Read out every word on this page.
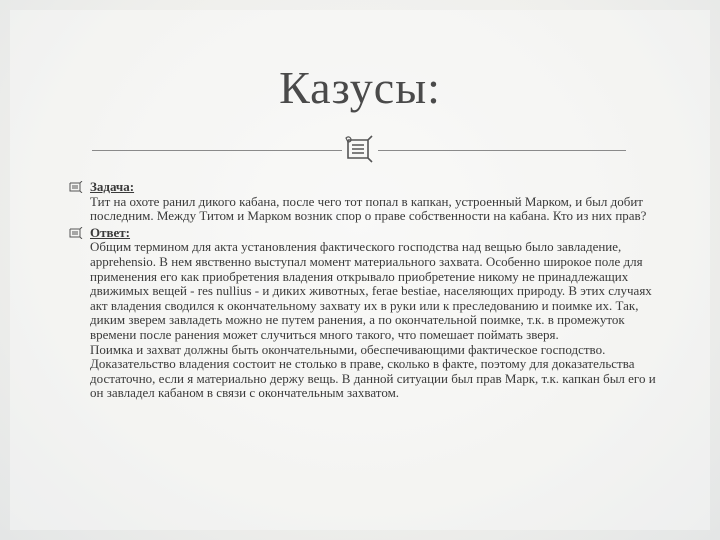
Казусы:
Задача:

Тит на охоте ранил дикого кабана, после чего тот попал в капкан, устроенный Марком, и был добит последним. Между Титом и Марком возник спор о праве собственности на кабана. Кто из них прав?

Ответ:

Общим термином для акта установления фактического господства над вещью было завладение, apprehensio. В нем явственно выступал момент материального захвата. Особенно широкое поле для применения его как приобретения владения открывало приобретение никому не принадлежащих движимых вещей - res nullius - и диких животных, ferae bestiae, населяющих природу. В этих случаях акт владения сводился к окончательному захвату их в руки или к преследованию и поимке их. Так, диким зверем завладеть можно не путем ранения, а по окончательной поимке, т.к. в промежуток времени после ранения может случиться много такого, что помешает поймать зверя.

Поимка и захват должны быть окончательными, обеспечивающими фактическое господство. Доказательство владения состоит не столько в праве, сколько в факте, поэтому для доказательства достаточно, если я материально держу вещь. В данной ситуации был прав Марк, т.к. капкан был его и он завладел кабаном в связи с окончательным захватом.
